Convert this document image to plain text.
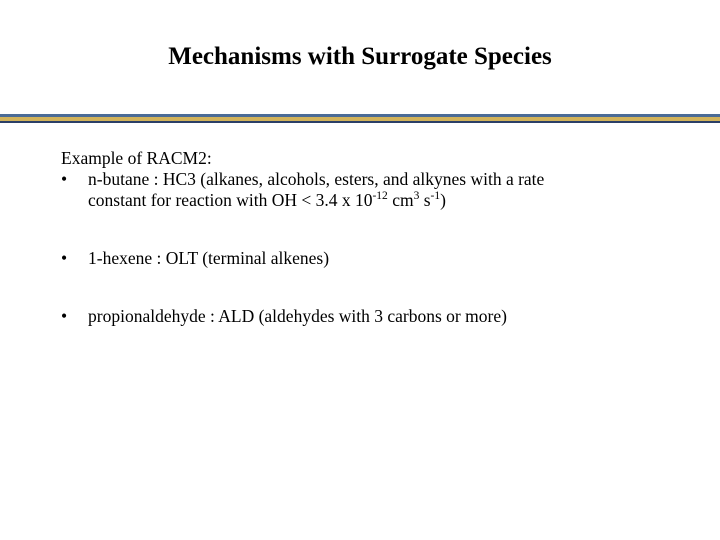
Mechanisms with Surrogate Species

Example of RACM2:

• n-butane : HC3 (alkanes, alcohols, esters, and alkynes with a rate
constant for reaction with OH < 3.4 x $10^{-12}$ $cm^3$ $s^{-1}$)
• 1-hexene : OLT (terminal alkenes)
• propionaldehyde : ALD (aldehydes with 3 carbons or more)
